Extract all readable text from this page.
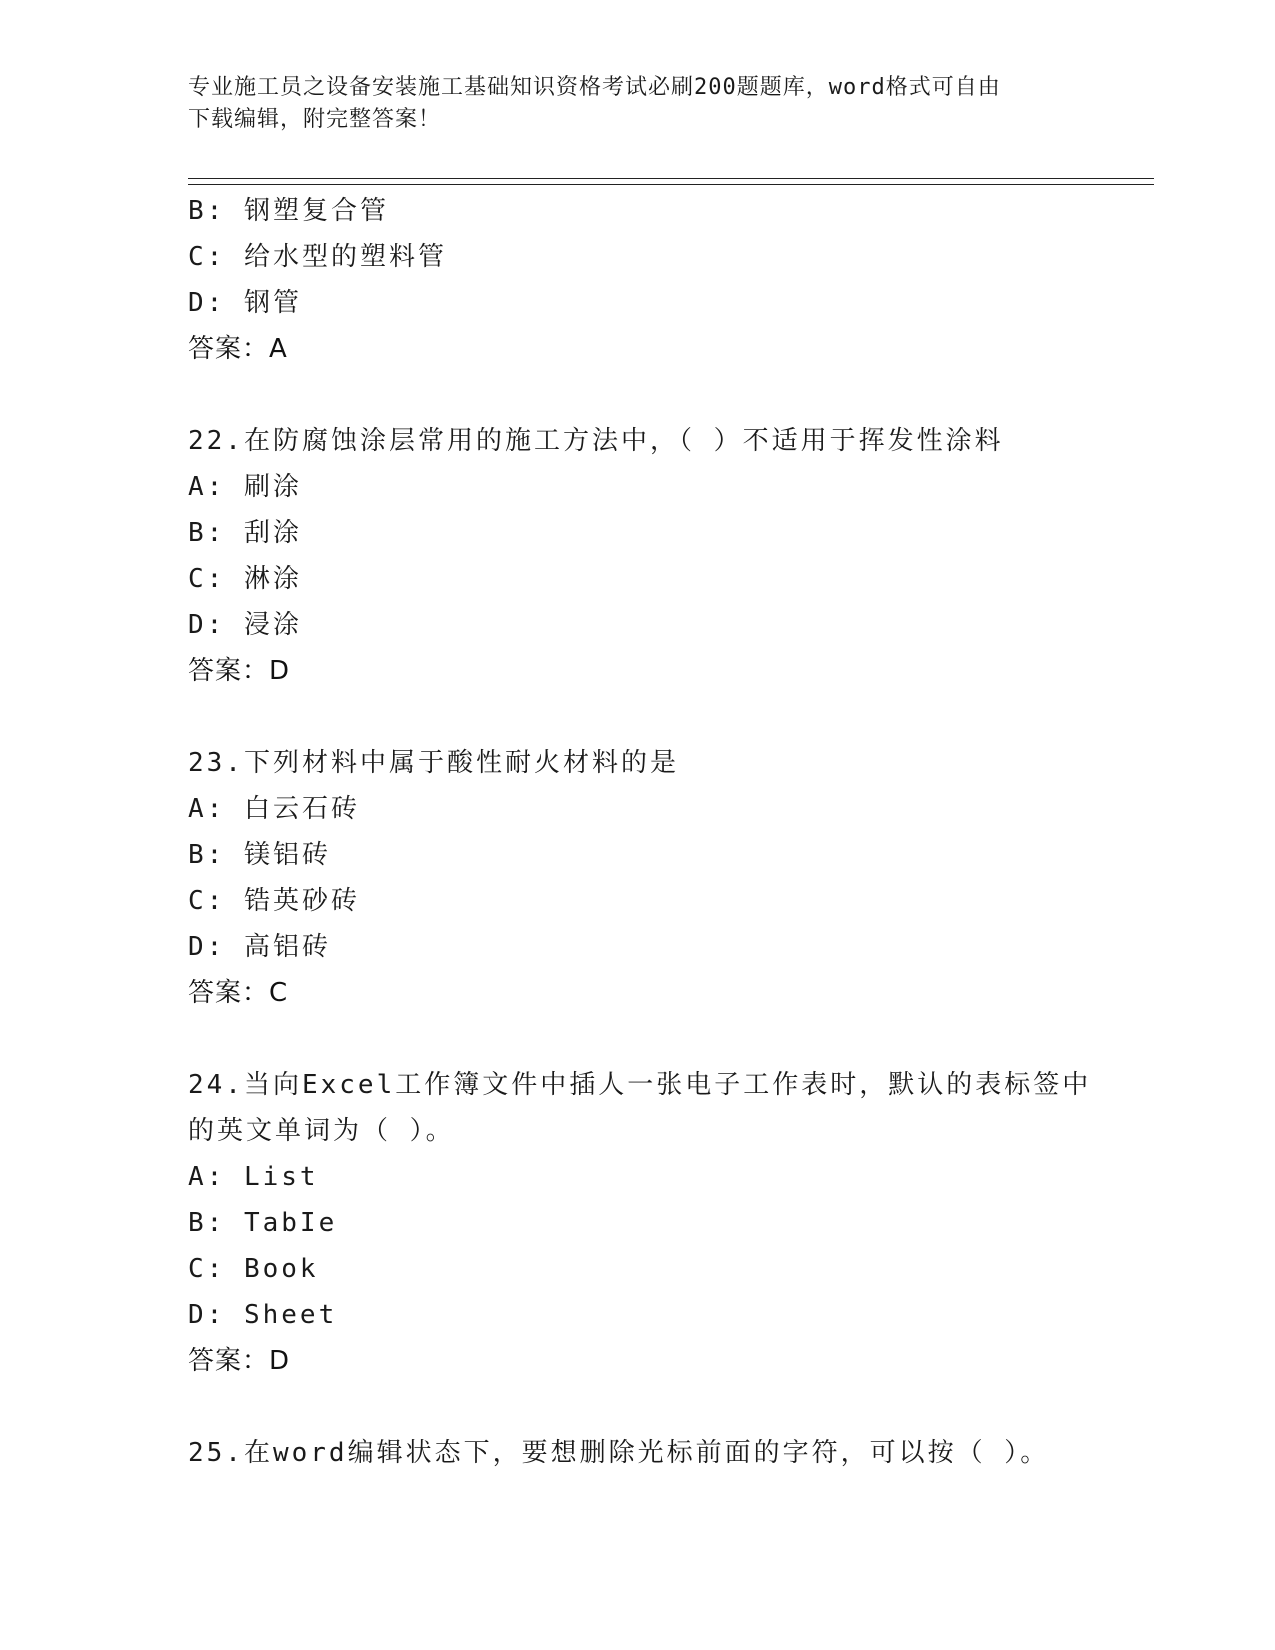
专业施工员之设备安装施工基础知识资格考试必刷200题题库，word格式可自由
下载编辑，附完整答案！
B: 钢塑复合管
C: 给水型的塑料管
D: 钢管
答案：A
22.在防腐蚀涂层常用的施工方法中，（ ）不适用于挥发性涂料
A: 刷涂
B: 刮涂
C: 淋涂
D: 浸涂
答案：D
23.下列材料中属于酸性耐火材料的是
A: 白云石砖
B: 镁铝砖
C: 锆英砂砖
D: 高铝砖
答案：C
24.当向Excel工作簿文件中插人一张电子工作表时，默认的表标签中
的英文单词为（ ）。
A: List
B: TabIe
C: Book
D: Sheet
答案：D
25.在word编辑状态下，要想删除光标前面的字符，可以按（ ）。
